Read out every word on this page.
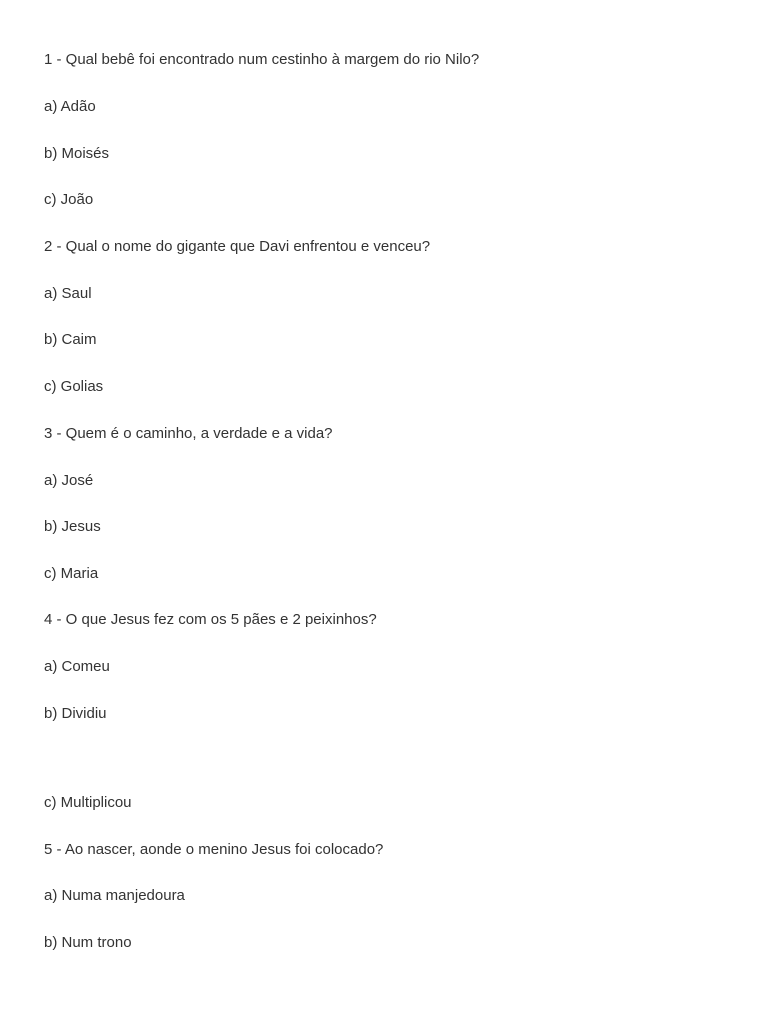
1 - Qual bebê foi encontrado num cestinho à margem do rio Nilo?
a) Adão
b) Moisés
c) João
2 - Qual o nome do gigante que Davi enfrentou e venceu?
a) Saul
b) Caim
c) Golias
3 - Quem é o caminho, a verdade e a vida?
a) José
b) Jesus
c) Maria
4 - O que Jesus fez com os 5 pães e 2 peixinhos?
a) Comeu
b) Dividiu
c) Multiplicou
5 - Ao nascer, aonde o menino Jesus foi colocado?
a) Numa manjedoura
b) Num trono
